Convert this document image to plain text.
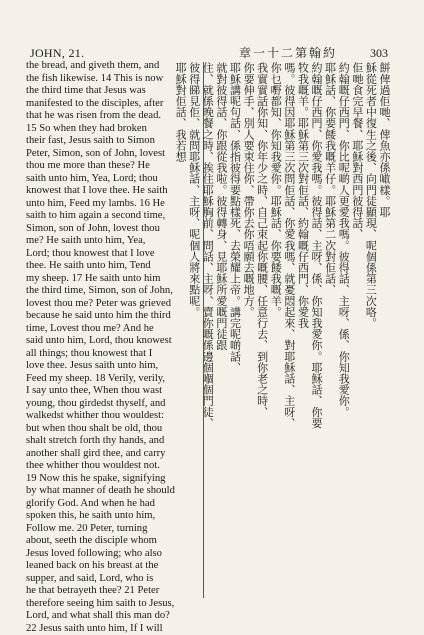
JOHN, 21.	章一十二第翰約	303
the bread, and giveth them, and
the fish likewise. 14 This is now
the third time that Jesus was
manifested to the disciples, after
that he was risen from the dead.
15 So when they had broken
their fast, Jesus saith to Simon
Peter, Simon, son of John, lovest
thou me more than these? He
saith unto him, Yea, Lord; thou
knowest that I love thee. He saith
unto him, Feed my lambs. 16 He
saith to him again a second time,
Simon, son of John, lovest thou
me? He saith unto him, Yea,
Lord; thou knowest that I love
thee. He saith unto him, Tend
my sheep. 17 He saith unto him
the third time, Simon, son of John,
lovest thou me? Peter was grieved
because he said unto him the third
time, Lovest thou me? And he
said unto him, Lord, thou knowest
all things; thou knowest that I
love thee. Jesus saith unto him,
Feed my sheep. 18 Verily, verily,
I say unto thee, When thou wast
young, thou girdedst thyself, and
walkedst whither thou wouldest:
but when thou shalt be old, thou
shalt stretch forth thy hands, and
another shall gird thee, and carry
thee whither thou wouldest not.
19 Now this he spake, signifying
by what manner of death he should
glorify God. And when he had
spoken this, he saith unto him,
Follow me. 20 Peter, turning
about, seeth the disciple whom
Jesus loved following; who also
leaned back on his breast at the
supper, and said, Lord, who is
he that betrayeth thee? 21 Peter
therefore seeing him saith to Jesus,
Lord, and what shall this man do?
22 Jesus saith unto him, If I will
餅俾過佢哋、俾魚亦係噉樣。耶
穌從死者中復生之後、向門徒顯現、呢個係第三次咯。
佢哋食完早餐、耶穌對西門彼得話、
約翰嘅仔西門、你比呢啲人更愛我嗎。彼得話、主呀、係、你知我愛你。
耶穌話、你要餧我嘅羊仔。耶穌第二次對佢話、
約翰嘅仔西門、你愛我嗎。彼得話、主呀、係、你知我愛你。耶穌話、你要
牧我嘅羊。耶穌第三次對佢話、約翰嘅仔西門、你愛我
嗎。彼得因耶穌第三次問佢話、你愛我嗎、就憂悶起來、對耶穌話、主呀、
你乜嘢都知、你知我愛你。耶穌話、你要餧我嘅羊。
我實實話你知、你年少之時、自己束起你嘅腰、任意行去、到你老之時、
你要伸手、別人要束住你、帶你去你唔願去嘅地方。
耶穌講呢句話、係指彼得要點樣死、去榮耀上帝。講完呢啲話、
就對彼得話、你跟從我啦。彼得轉身、見耶穌所愛嘅門徒跟
住、就係晚餐之時、挨住耶穌胸前、問話、主呀、賣你嘅係邊個嗰個門徒、
彼得睇見佢、就問耶穌話、主呀、呢個人將來點呢。
耶穌對佢話、我若想
